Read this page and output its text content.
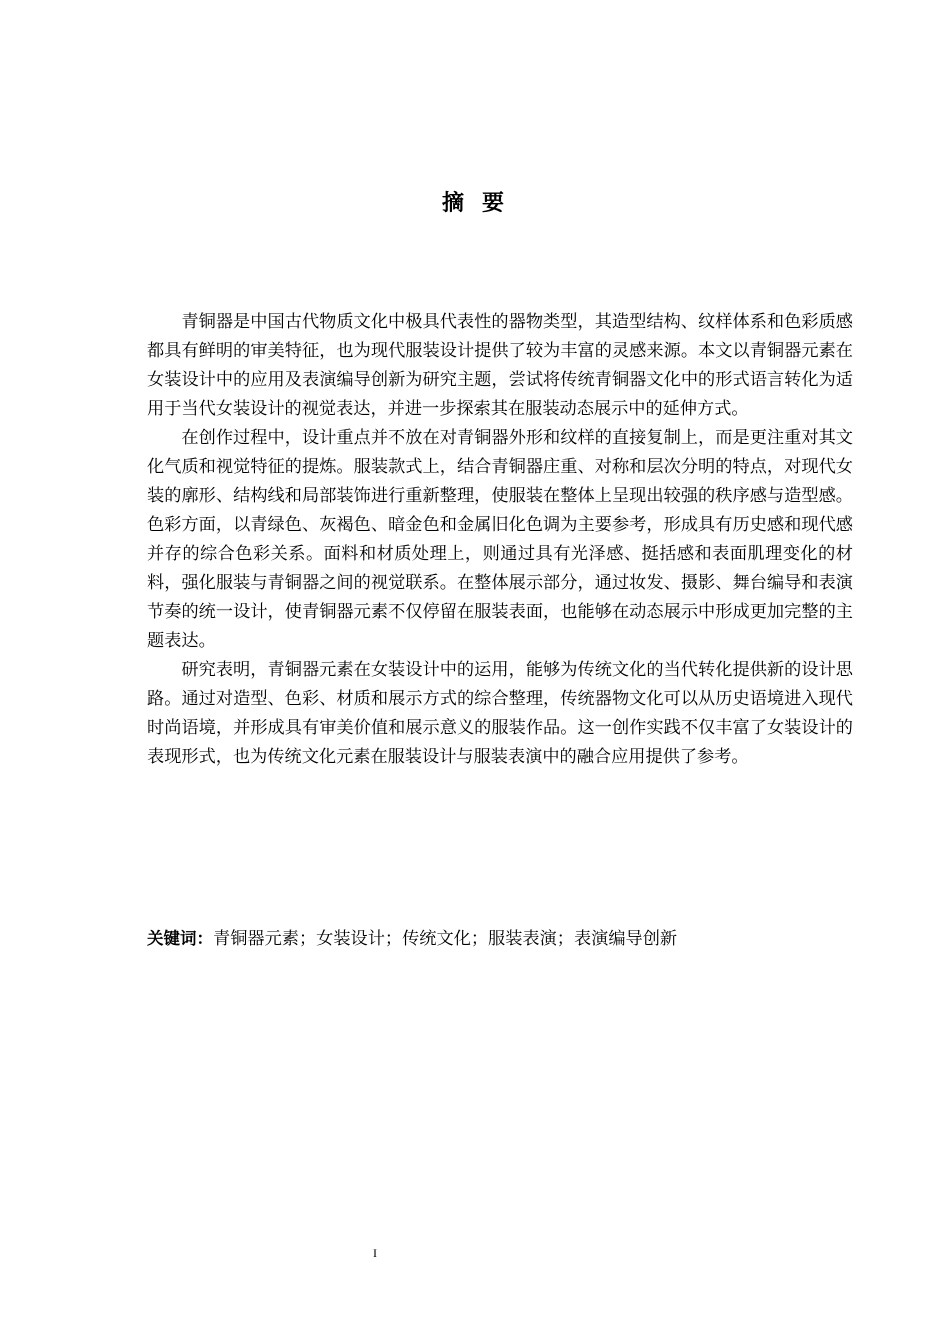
摘要

青铜器是中国古代物质文化中极具代表性的器物类型，其造型结构、纹样体系和色彩质感都具有鲜明的审美特征，也为现代服装设计提供了较为丰富的灵感来源。本文以青铜器元素在女装设计中的应用及表演编导创新为研究主题，尝试将传统青铜器文化中的形式语言转化为适用于当代女装设计的视觉表达，并进一步探索其在服装动态展示中的延伸方式。

在创作过程中，设计重点并不放在对青铜器外形和纹样的直接复制上，而是更注重对其文化气质和视觉特征的提炼。服装款式上，结合青铜器庄重、对称和层次分明的特点，对现代女装的廓形、结构线和局部装饰进行重新整理，使服装在整体上呈现出较强的秩序感与造型感。色彩方面，以青绿色、灰褐色、暗金色和金属旧化色调为主要参考，形成具有历史感和现代感并存的综合色彩关系。面料和材质处理上，则通过具有光泽感、挺括感和表面肌理变化的材料，强化服装与青铜器之间的视觉联系。在整体展示部分，通过妆发、摄影、舞台编导和表演节奏的统一设计，使青铜器元素不仅停留在服装表面，也能够在动态展示中形成更加完整的主题表达。

研究表明，青铜器元素在女装设计中的运用，能够为传统文化的当代转化提供新的设计思路。通过对造型、色彩、材质和展示方式的综合整理，传统器物文化可以从历史语境进入现代时尚语境，并形成具有审美价值和展示意义的服装作品。这一创作实践不仅丰富了女装设计的表现形式，也为传统文化元素在服装设计与服装表演中的融合应用提供了参考。

关键词：青铜器元素；女装设计；传统文化；服装表演；表演编导创新
I
